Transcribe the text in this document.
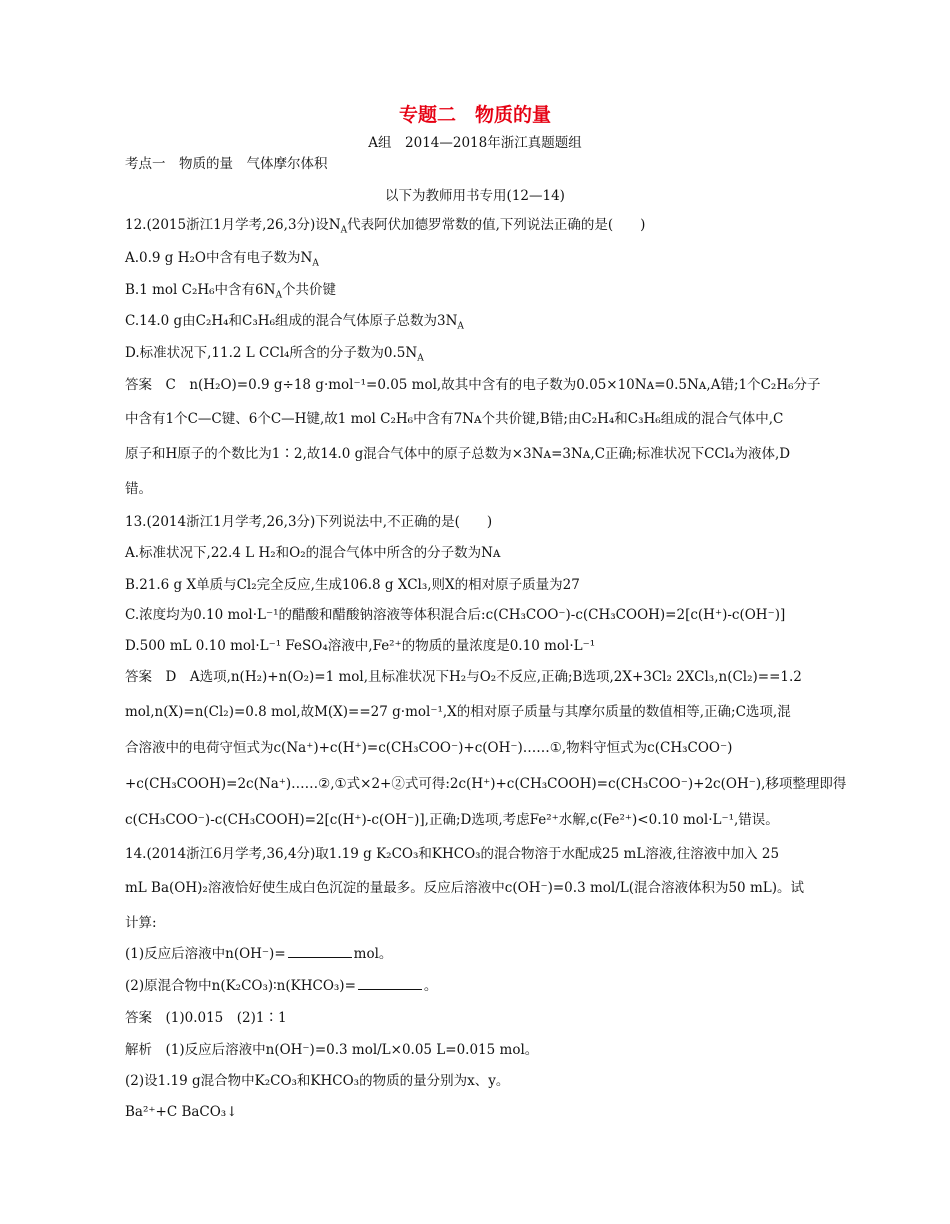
专题二　物质的量
A组　2014—2018年浙江真题题组
考点一　物质的量　气体摩尔体积
以下为教师用书专用(12—14)
12.(2015浙江1月学考,26,3分)设$N_A$代表阿伏加德罗常数的值,下列说法正确的是(　　)
A.0.9 g H₂O中含有电子数为$N_A$
B.1 mol C₂H₆中含有$6N_A$个共价键
C.14.0 g由C₂H₄和C₃H₆组成的混合气体原子总数为$3N_A$
D.标准状况下,11.2 L CCl₄所含的分子数为$0.5N_A$
答案　C　n(H₂O)=0.9 g÷18 g·mol⁻¹=0.05 mol,故其中含有的电子数为0.05×10Nᴀ=0.5Nᴀ,A错;1个C₂H₆分子
中含有1个C—C键、6个C—H键,故1 mol C₂H₆中含有7Nᴀ个共价键,B错;由C₂H₄和C₃H₆组成的混合气体中,C
原子和H原子的个数比为1∶2,故14.0 g混合气体中的原子总数为×3Nᴀ=3Nᴀ,C正确;标准状况下CCl₄为液体,D
错。
13.(2014浙江1月学考,26,3分)下列说法中,不正确的是(　　)
A.标准状况下,22.4 L H₂和O₂的混合气体中所含的分子数为Nᴀ
B.21.6 g X单质与Cl₂完全反应,生成106.8 g XCl₃,则X的相对原子质量为27
C.浓度均为0.10 mol·L⁻¹的醋酸和醋酸钠溶液等体积混合后:c(CH₃COO⁻)-c(CH₃COOH)=2[c(H⁺)-c(OH⁻)]
D.500 mL 0.10 mol·L⁻¹ FeSO₄溶液中,Fe²⁺的物质的量浓度是0.10 mol·L⁻¹
答案　D　A选项,n(H₂)+n(O₂)=1 mol,且标准状况下H₂与O₂不反应,正确;B选项,2X+3Cl₂ 2XCl₃,n(Cl₂)==1.2
mol,n(X)=n(Cl₂)=0.8 mol,故M(X)==27 g·mol⁻¹,X的相对原子质量与其摩尔质量的数值相等,正确;C选项,混
合溶液中的电荷守恒式为c(Na⁺)+c(H⁺)=c(CH₃COO⁻)+c(OH⁻)……①,物料守恒式为c(CH₃COO⁻)
+c(CH₃COOH)=2c(Na⁺)……②,①式×2+②式可得:2c(H⁺)+c(CH₃COOH)=c(CH₃COO⁻)+2c(OH⁻),移项整理即得
c(CH₃COO⁻)-c(CH₃COOH)=2[c(H⁺)-c(OH⁻)],正确;D选项,考虑Fe²⁺水解,c(Fe²⁺)<0.10 mol·L⁻¹,错误。
14.(2014浙江6月学考,36,4分)取1.19 g K₂CO₃和KHCO₃的混合物溶于水配成25 mL溶液,往溶液中加入 25
mL Ba(OH)₂溶液恰好使生成白色沉淀的量最多。反应后溶液中c(OH⁻)=0.3 mol/L(混合溶液体积为50 mL)。试
计算:
(1)反应后溶液中n(OH⁻)=	mol。
(2)原混合物中n(K₂CO₃)∶n(KHCO₃)=	。
答案　(1)0.015　(2)1∶1
解析　(1)反应后溶液中n(OH⁻)=0.3 mol/L×0.05 L=0.015 mol。
(2)设1.19 g混合物中K₂CO₃和KHCO₃的物质的量分别为x、y。
Ba²⁺+C BaCO₃↓
